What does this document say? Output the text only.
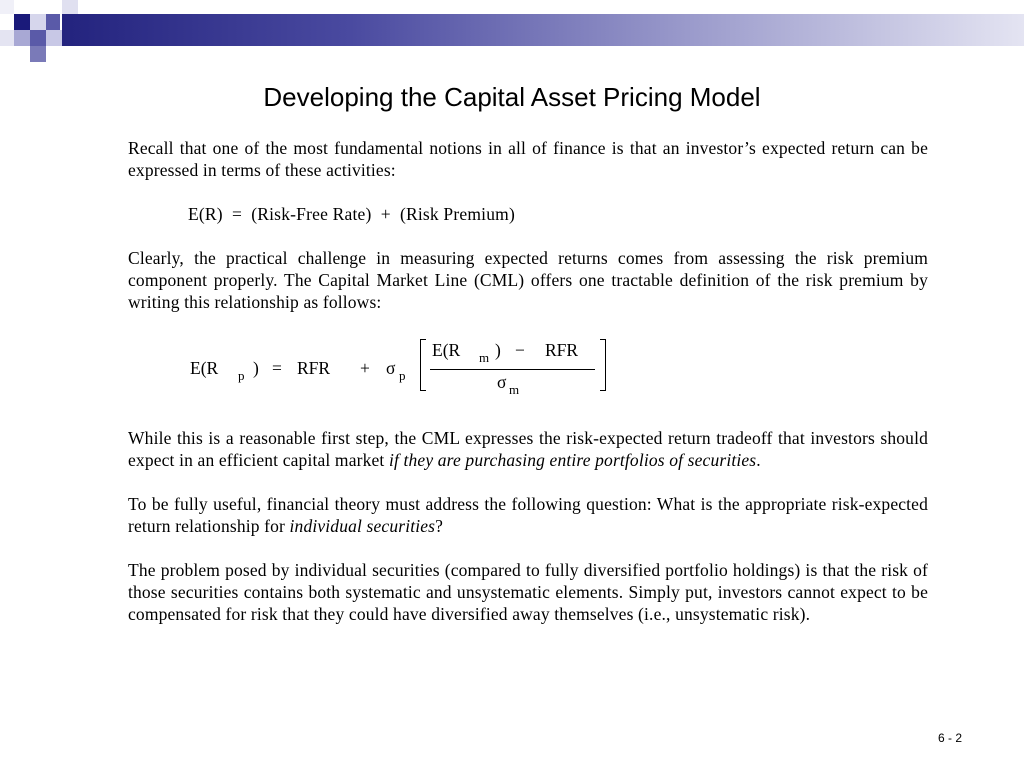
Developing the Capital Asset Pricing Model

Recall that one of the most fundamental notions in all of finance is that an investor’s expected return can be expressed in terms of these activities:

E(R) = (Risk-Free Rate) + (Risk Premium)

Clearly, the practical challenge in measuring expected returns comes from assessing the risk premium component properly. The Capital Market Line (CML) offers one tractable definition of the risk premium by writing this relationship as follows:

E(R p ) = RFR + σ p
E(R m ) − RFR
σ m

While this is a reasonable first step, the CML expresses the risk-expected return tradeoff that investors should expect in an efficient capital market if they are purchasing entire portfolios of securities.

To be fully useful, financial theory must address the following question: What is the appropriate risk-expected return relationship for individual securities?

The problem posed by individual securities (compared to fully diversified portfolio holdings) is that the risk of those securities contains both systematic and unsystematic elements. Simply put, investors cannot expect to be compensated for risk that they could have diversified away themselves (i.e., unsystematic risk).

6 - 2
